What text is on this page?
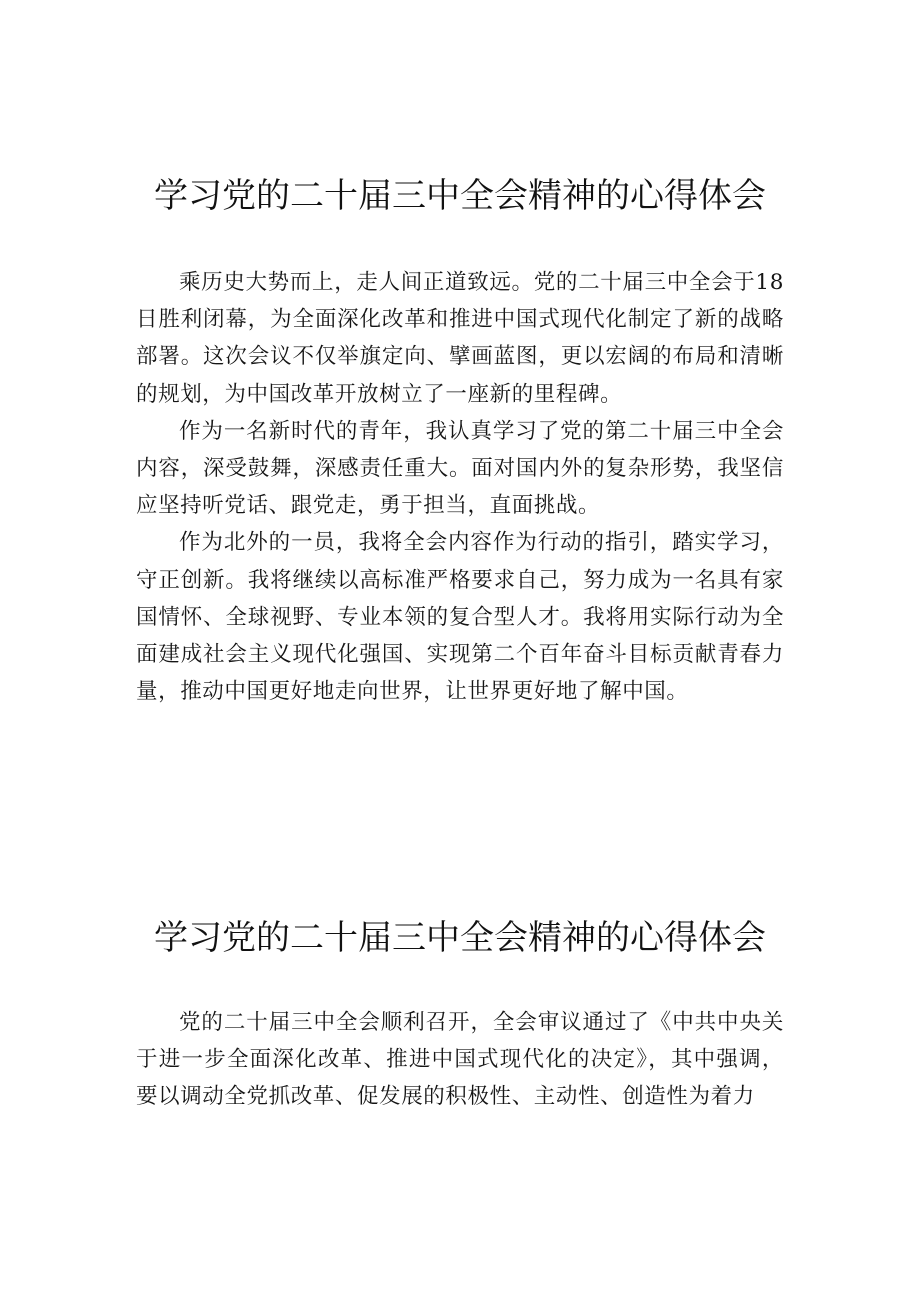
学习党的二十届三中全会精神的心得体会

乘历史大势而上，走人间正道致远。党的二十届三中全会于18日胜利闭幕，为全面深化改革和推进中国式现代化制定了新的战略部署。这次会议不仅举旗定向、擘画蓝图，更以宏阔的布局和清晰的规划，为中国改革开放树立了一座新的里程碑。

作为一名新时代的青年，我认真学习了党的第二十届三中全会内容，深受鼓舞，深感责任重大。面对国内外的复杂形势，我坚信应坚持听党话、跟党走，勇于担当，直面挑战。

作为北外的一员，我将全会内容作为行动的指引，踏实学习，守正创新。我将继续以高标准严格要求自己，努力成为一名具有家国情怀、全球视野、专业本领的复合型人才。我将用实际行动为全面建成社会主义现代化强国、实现第二个百年奋斗目标贡献青春力量，推动中国更好地走向世界，让世界更好地了解中国。

学习党的二十届三中全会精神的心得体会

党的二十届三中全会顺利召开，全会审议通过了《中共中央关于进一步全面深化改革、推进中国式现代化的决定》，其中强调，要以调动全党抓改革、促发展的积极性、主动性、创造性为着力
